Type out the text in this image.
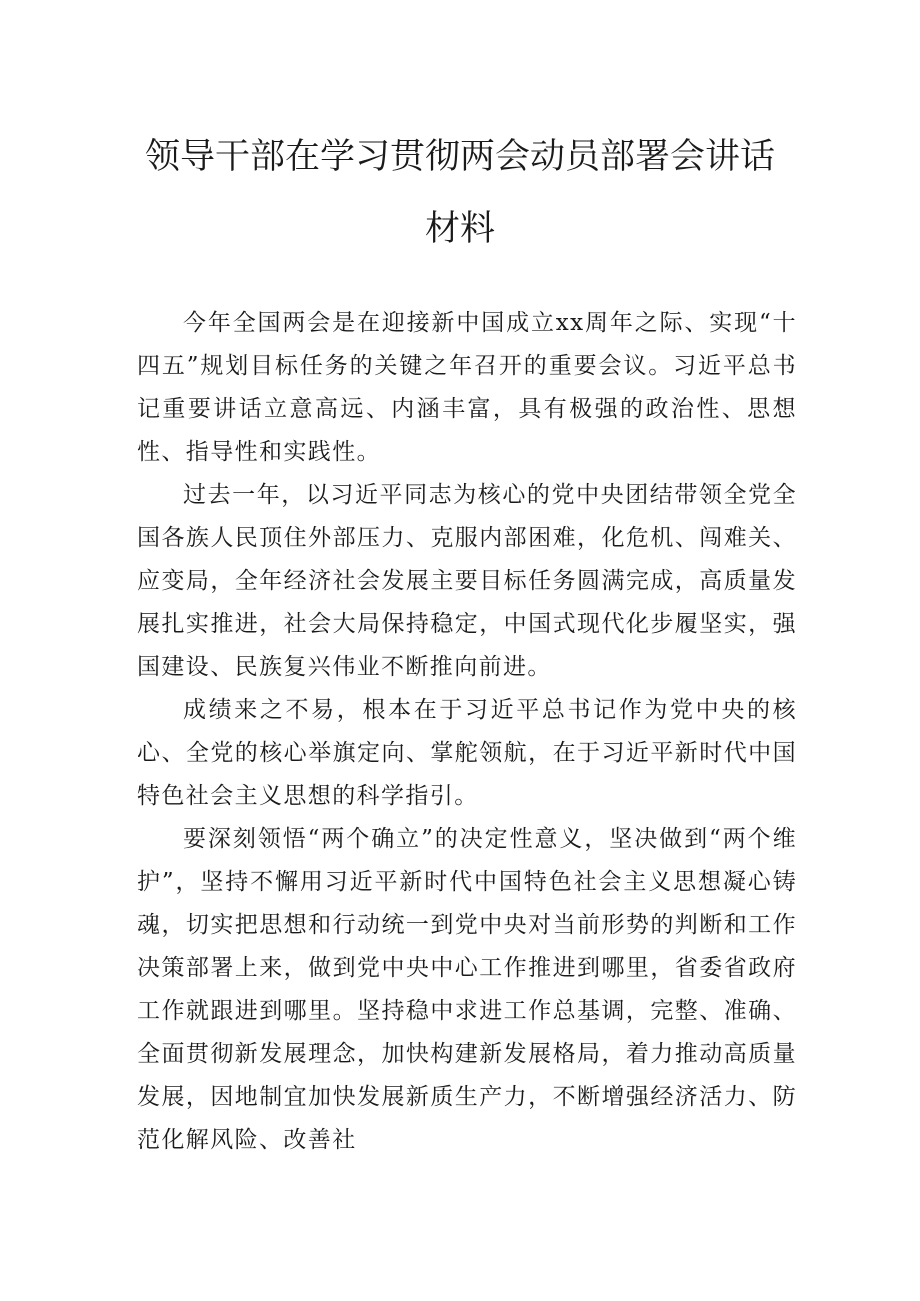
领导干部在学习贯彻两会动员部署会讲话
材料

今年全国两会是在迎接新中国成立xx周年之际、实现“十四五”规划目标任务的关键之年召开的重要会议。习近平总书记重要讲话立意高远、内涵丰富，具有极强的政治性、思想性、指导性和实践性。

过去一年，以习近平同志为核心的党中央团结带领全党全国各族人民顶住外部压力、克服内部困难，化危机、闯难关、应变局，全年经济社会发展主要目标任务圆满完成，高质量发展扎实推进，社会大局保持稳定，中国式现代化步履坚实，强国建设、民族复兴伟业不断推向前进。

成绩来之不易，根本在于习近平总书记作为党中央的核心、全党的核心举旗定向、掌舵领航，在于习近平新时代中国特色社会主义思想的科学指引。

要深刻领悟“两个确立”的决定性意义，坚决做到“两个维护”，坚持不懈用习近平新时代中国特色社会主义思想凝心铸魂，切实把思想和行动统一到党中央对当前形势的判断和工作决策部署上来，做到党中央中心工作推进到哪里，省委省政府工作就跟进到哪里。坚持稳中求进工作总基调，完整、准确、全面贯彻新发展理念，加快构建新发展格局，着力推动高质量发展，因地制宜加快发展新质生产力，不断增强经济活力、防范化解风险、改善社
